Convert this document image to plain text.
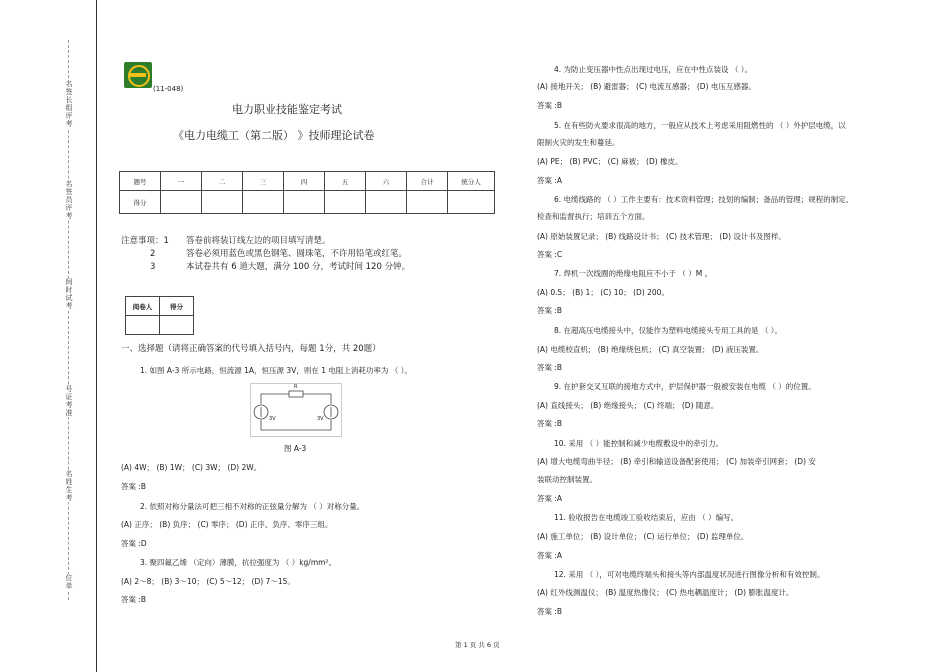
名签长组评考
名签员评考
间时试考
号证考准
名姓生考
位单
(11-048)
电力职业技能鉴定考试
《电力电缆工（第二版） 》技师理论试卷
题号	一	二	三	四	五	六	合计	统分人
得分								
注意事项：1 答卷前将装订线左边的项目填写清楚。
2	答卷必须用蓝色或黑色钢笔、圆珠笔，不许用铅笔或红笔。
3	本试卷共有 6 道大题，满分 100 分，考试时间 120 分钟。
阅卷人	得分

一、选择题（请将正确答案的代号填入括号内，每题 1分，共 20题）
1. 如图 A-3 所示电路，恒流源 1A，恒压源 3V，则在 1 电阻上消耗功率为 （ ）。
R
3V	3V
图 A-3
(A) 4W； (B) 1W； (C) 3W； (D) 2W。
答案 :B
2. 依照对称分量法可把三相不对称的正弦量分解为 （ ）对称分量。
(A) 正序； (B) 负序； (C) 零序； (D) 正序、负序、零序三组。
答案 :D
3. 聚四氟乙烯 （定向）薄膜，抗拉强度为 （ ）kg/mm²。
(A) 2～8； (B) 3～10； (C) 5～12； (D) 7～15。
答案 :B
4. 为防止变压器中性点出现过电压，应在中性点装设 （ ）。
(A) 接地开关； (B) 避雷器； (C) 电流互感器； (D) 电压互感器。
答案 :B
5. 在有些防火要求很高的地方，一般应从技术上考虑采用阻燃性的 （ ）外护层电缆，以
限制火灾的发生和蔓延。
(A) PE； (B) PVC； (C) 麻被； (D) 橡皮。
答案 :A
6. 电缆线路的 （ ）工作主要有：技术资料管理；技划的编制；备品的管理；规程的制定、
检查和监督执行；培训五个方面。
(A) 原始装置记录； (B) 线路设计书； (C) 技术管理； (D) 设计书及图样。
答案 :C
7. 焊机一次线圈的绝缘电阻应不小于 （ ）M 。
(A) 0.5； (B) 1； (C) 10； (D) 200。
答案 :B
8. 在超高压电缆接头中，仅能作为塑料电缆接头专用工具的是 （ ）。
(A) 电缆校直机； (B) 绝缘绕包机； (C) 真空装置； (D) 液压装置。
答案 :B
9. 在护套交叉互联的接地方式中，护层保护器一般被安装在电缆 （ ）的位置。
(A) 直线接头； (B) 绝缘接头； (C) 终端； (D) 随意。
答案 :B
10. 采用 （ ）能控制和减少电缆敷设中的牵引力。
(A) 增大电缆弯曲半径； (B) 牵引和输送设备配套使用； (C) 加装牵引网套； (D) 安
装联动控制装置。
答案 :A
11. 验收报告在电缆竣工验收结束后，应由 （ ）编写。
(A) 施工单位； (B) 设计单位； (C) 运行单位； (D) 监理单位。
答案 :A
12. 采用 （ ），可对电缆终端头和接头等内部温度状况进行图像分析和有效控制。
(A) 红外线测温仪； (B) 温度热像仪； (C) 热电耦温度计； (D) 膨胀温度计。
答案 :B
第 1 页 共 6 页
